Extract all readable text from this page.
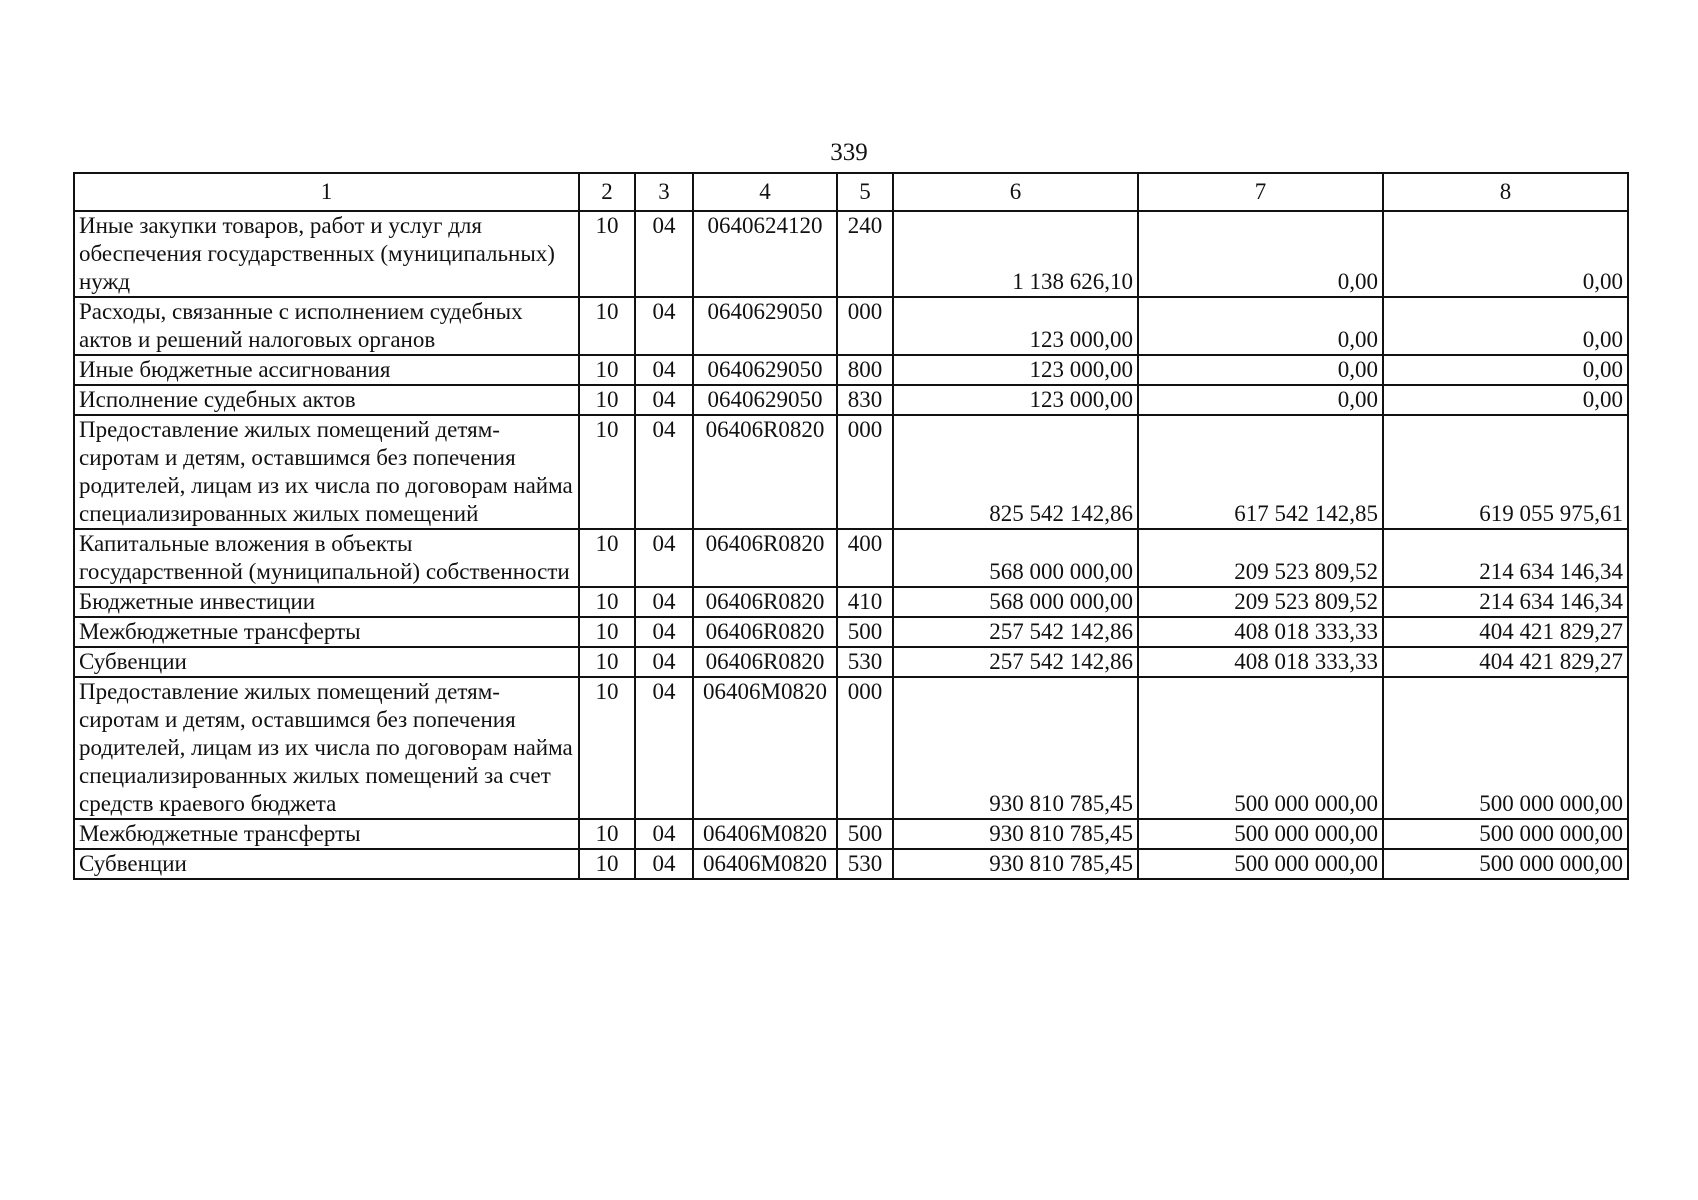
339
1	2	3	4	5	6	7	8
Иные закупки товаров, работ и услуг для обеспечения государственных (муниципальных) нужд	10	04	0640624120	240	1 138 626,10	0,00	0,00
Расходы, связанные с исполнением судебных актов и решений налоговых органов	10	04	0640629050	000	123 000,00	0,00	0,00
Иные бюджетные ассигнования	10	04	0640629050	800	123 000,00	0,00	0,00
Исполнение судебных актов	10	04	0640629050	830	123 000,00	0,00	0,00
Предоставление жилых помещений детям-сиротам и детям, оставшимся без попечения родителей, лицам из их числа по договорам найма специализированных жилых помещений	10	04	06406R0820	000	825 542 142,86	617 542 142,85	619 055 975,61
Капитальные вложения в объекты государственной (муниципальной) собственности	10	04	06406R0820	400	568 000 000,00	209 523 809,52	214 634 146,34
Бюджетные инвестиции	10	04	06406R0820	410	568 000 000,00	209 523 809,52	214 634 146,34
Межбюджетные трансферты	10	04	06406R0820	500	257 542 142,86	408 018 333,33	404 421 829,27
Субвенции	10	04	06406R0820	530	257 542 142,86	408 018 333,33	404 421 829,27
Предоставление жилых помещений детям-сиротам и детям, оставшимся без попечения родителей, лицам из их числа по договорам найма специализированных жилых помещений за счет средств краевого бюджета	10	04	06406M0820	000	930 810 785,45	500 000 000,00	500 000 000,00
Межбюджетные трансферты	10	04	06406M0820	500	930 810 785,45	500 000 000,00	500 000 000,00
Субвенции	10	04	06406M0820	530	930 810 785,45	500 000 000,00	500 000 000,00
